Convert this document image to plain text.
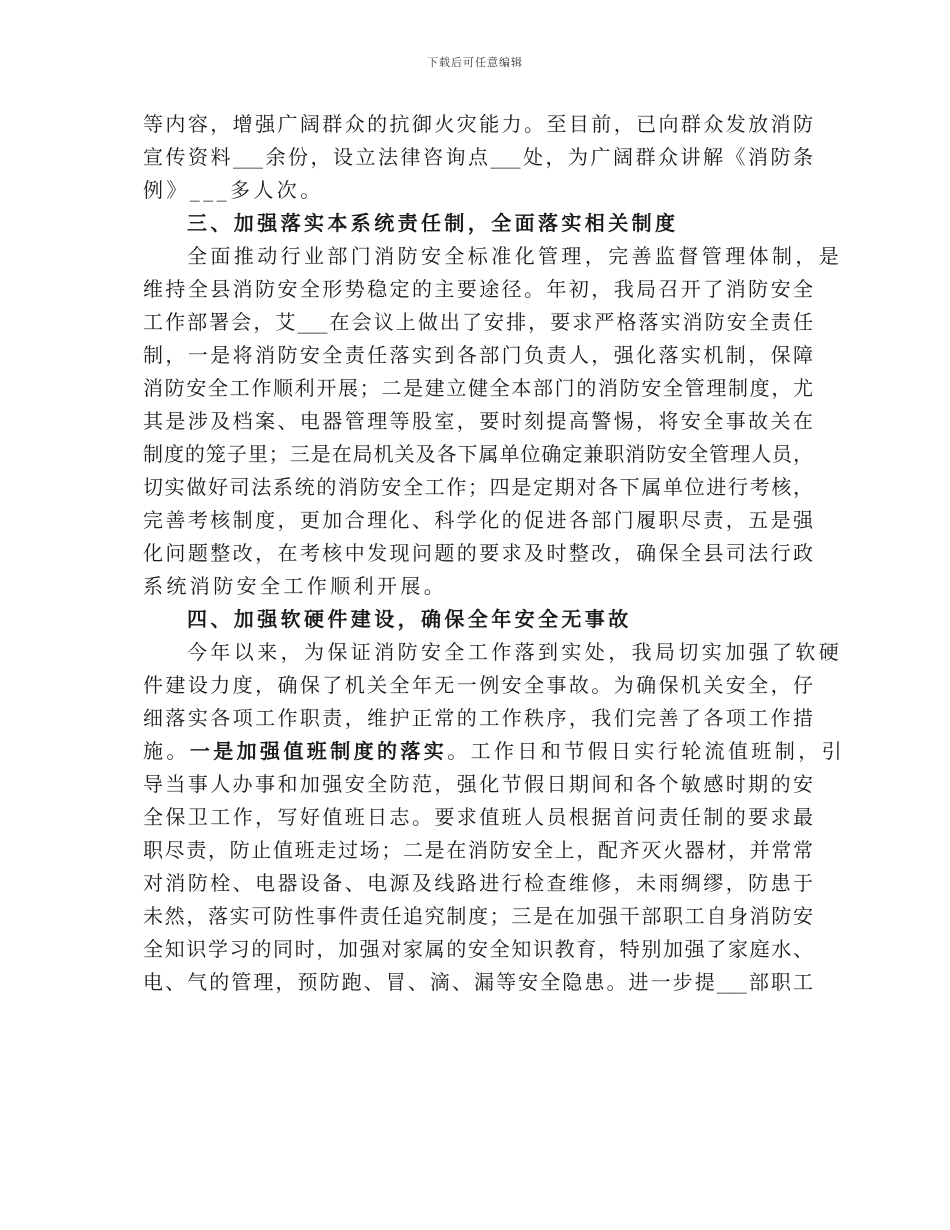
下载后可任意编辑
等内容，增强广阔群众的抗御火灾能力。至目前，已向群众发放消防
宣传资料___余份，设立法律咨询点___处，为广阔群众讲解《消防条
例》___多人次。
三、加强落实本系统责任制，全面落实相关制度
全面推动行业部门消防安全标准化管理，完善监督管理体制，是
维持全县消防安全形势稳定的主要途径。年初，我局召开了消防安全
工作部署会，艾___在会议上做出了安排，要求严格落实消防安全责任
制，一是将消防安全责任落实到各部门负责人，强化落实机制，保障
消防安全工作顺利开展；二是建立健全本部门的消防安全管理制度，尤
其是涉及档案、电器管理等股室，要时刻提高警惕，将安全事故关在
制度的笼子里；三是在局机关及各下属单位确定兼职消防安全管理人员，
切实做好司法系统的消防安全工作；四是定期对各下属单位进行考核，
完善考核制度，更加合理化、科学化的促进各部门履职尽责，五是强
化问题整改，在考核中发现问题的要求及时整改，确保全县司法行政
系统消防安全工作顺利开展。
四、加强软硬件建设，确保全年安全无事故
今年以来，为保证消防安全工作落到实处，我局切实加强了软硬
件建设力度，确保了机关全年无一例安全事故。为确保机关安全，仔
细落实各项工作职责，维护正常的工作秩序，我们完善了各项工作措
施。一是加强值班制度的落实。工作日和节假日实行轮流值班制，引
导当事人办事和加强安全防范，强化节假日期间和各个敏感时期的安
全保卫工作，写好值班日志。要求值班人员根据首问责任制的要求最
职尽责，防止值班走过场；二是在消防安全上，配齐灭火器材，并常常
对消防栓、电器设备、电源及线路进行检查维修，未雨绸缪，防患于
未然，落实可防性事件责任追究制度；三是在加强干部职工自身消防安
全知识学习的同时，加强对家属的安全知识教育，特别加强了家庭水、
电、气的管理，预防跑、冒、滴、漏等安全隐患。进一步提___部职工
